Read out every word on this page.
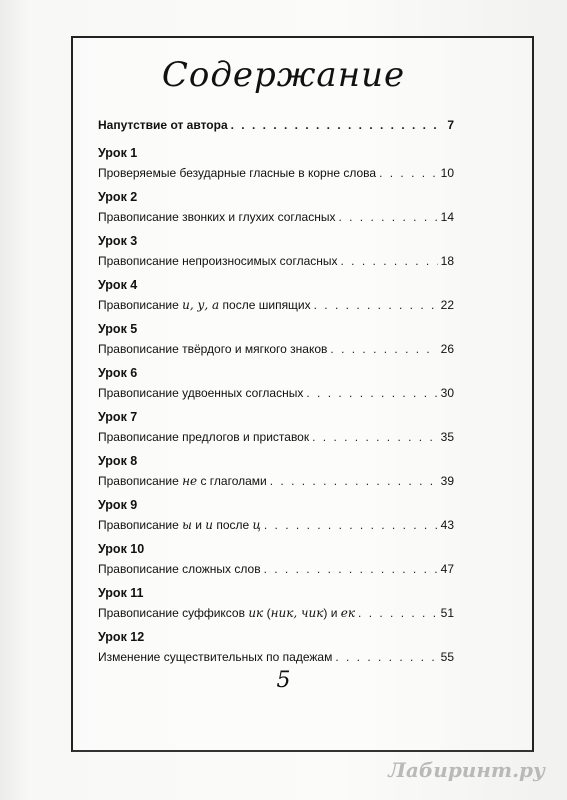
Содержание
Напутствие от автора . . .	7
Урок 1
Проверяемые безударные гласные в корне слова . . .	10
Урок 2
Правописание звонких и глухих согласных . . .	14
Урок 3
Правописание непроизносимых согласных . . .	18
Урок 4
Правописание и, у, а после шипящих . . .	22
Урок 5
Правописание твёрдого и мягкого знаков . . .	26
Урок 6
Правописание удвоенных согласных . . .	30
Урок 7
Правописание предлогов и приставок . . .	35
Урок 8
Правописание не с глаголами . . .	39
Урок 9
Правописание ы и и после ц . . .	43
Урок 10
Правописание сложных слов . . .	47
Урок 11
Правописание суффиксов ик (ник, чик) и ек . . .	51
Урок 12
Изменение существительных по падежам . . .	55
5
Лабиринт.ру
